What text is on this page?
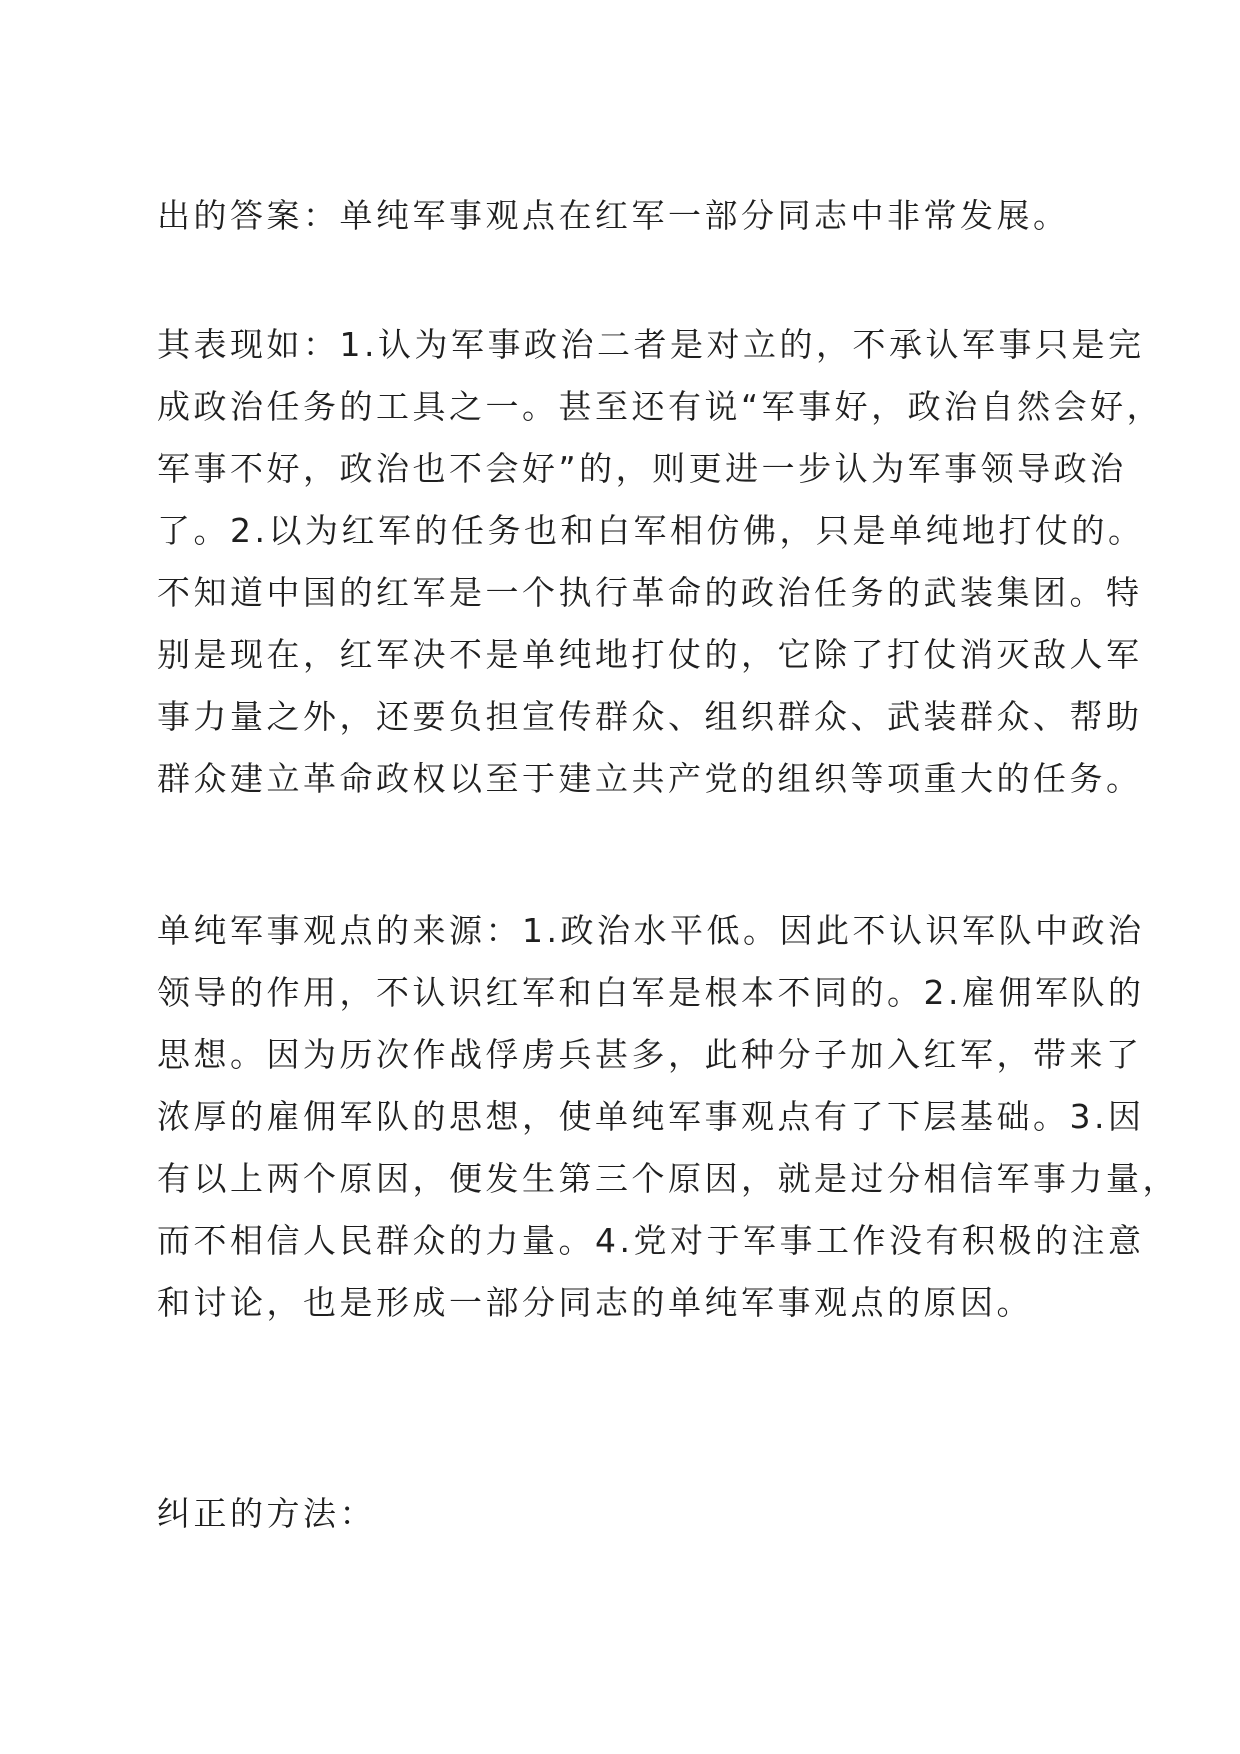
出的答案：单纯军事观点在红军一部分同志中非常发展。
其表现如：1.认为军事政治二者是对立的，不承认军事只是完
成政治任务的工具之一。甚至还有说“军事好，政治自然会好，
军事不好，政治也不会好”的，则更进一步认为军事领导政治
了。2.以为红军的任务也和白军相仿佛，只是单纯地打仗的。
不知道中国的红军是一个执行革命的政治任务的武装集团。特
别是现在，红军决不是单纯地打仗的，它除了打仗消灭敌人军
事力量之外，还要负担宣传群众、组织群众、武装群众、帮助
群众建立革命政权以至于建立共产党的组织等项重大的任务。
单纯军事观点的来源：1.政治水平低。因此不认识军队中政治
领导的作用，不认识红军和白军是根本不同的。2.雇佣军队的
思想。因为历次作战俘虏兵甚多，此种分子加入红军，带来了
浓厚的雇佣军队的思想，使单纯军事观点有了下层基础。3.因
有以上两个原因，便发生第三个原因，就是过分相信军事力量，
而不相信人民群众的力量。4.党对于军事工作没有积极的注意
和讨论，也是形成一部分同志的单纯军事观点的原因。
纠正的方法：
